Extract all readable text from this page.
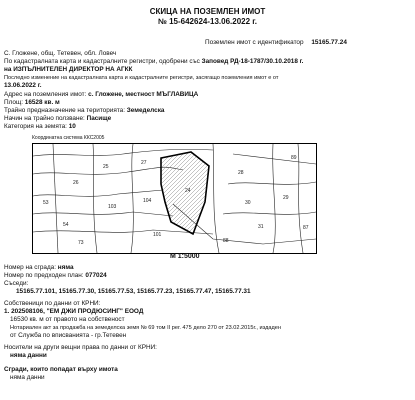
СКИЦА НА ПОЗЕМЛЕН ИМОТ
№ 15-642624-13.06.2022 г.
Поземлен имот с идентификатор 15165.77.24
С. Гложене, общ. Тетевен, обл. Ловеч
По кадастралната карта и кадастралните регистри, одобрени със Заповед РД-18-1787/30.10.2018 г.
на ИЗПЪЛНИТЕЛЕН ДИРЕКТОР НА АГКК
Последно изменение на кадастралната карта и кадастралните регистри, засягащо поземления имот е от
13.06.2022 г.
Адрес на поземления имот: с. Гложене, местност МЪГЛАВИЦА
Площ: 16528 кв. м
Трайно предназначение на територията: Земеделска
Начин на трайно ползване: Пасище
Категория на земята: 10
Координатна система ККС2005
24
25
26
27
28
29
88
103
104	30
31
54
73
89
87
101
53
М 1:5000
Номер на сграда: няма
Номер по предходен план: 077024
Съседи:
15165.77.101, 15165.77.30, 15165.77.53, 15165.77.23, 15165.77.47, 15165.77.31
Собственици по данни от КРНИ:
1. 202508106, "ЕМ ДЖИ ПРОДЮСИНГ" ЕООД
16530 кв. м от правото на собственост
Нотариален акт за продажба на земеделска земя № 69 том II рег. 475 дело 270 от 23.02.2015г., издаден
от Служба по вписванията - гр.Тетевен
Носители на други вещни права по данни от КРНИ:
няма данни
Сгради, които попадат върху имота
няма данни
